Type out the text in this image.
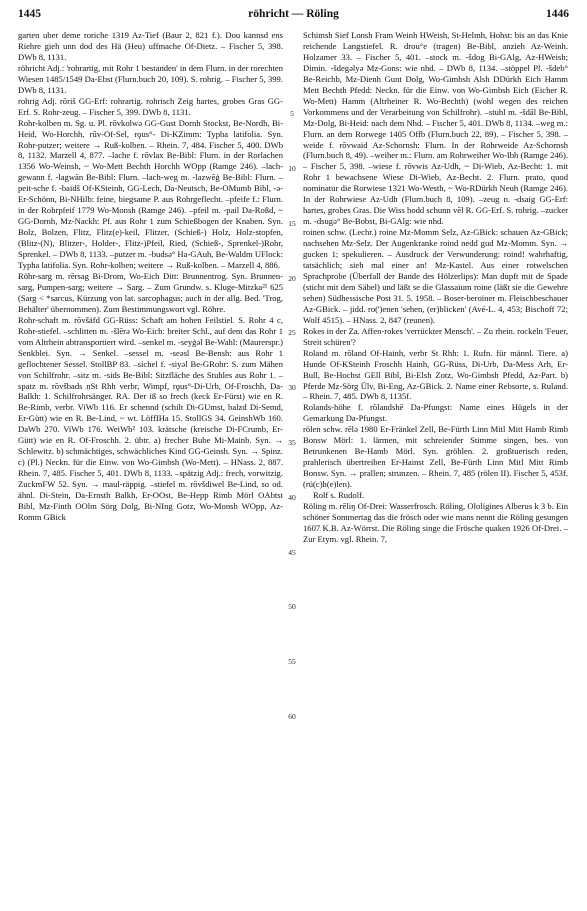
1445	röhricht — Röling	1446

garten uber deme roriche 1319 Az-Tief (Baur 2, 821 f.). Dou kannsd ens Riehre gieh unn dod des Hä (Heu) uffmache Of-Dietz. – Fischer 5, 398. DWb 8, 1131.

röhricht Adj.: 'rohrartig, mit Rohr 1 bestanden' in dem Flurn. in der rorechten Wiesen 1485/1549 Da-Ebst (Flurn.buch 20, 109). S. rohrig. – Fischer 5, 399. DWb 8, 1131.

rohrig Adj. rōriš GG-Erf: rohrartig. rohrisch Zeig hartes, grobes Gras GG-Erf. S. Rohr-zeug. – Fischer 5, 399. DWb 8, 1131.

Rohr-kolben m. Sg. u. Pl. rōvkolwə GG-Gust Dornh Stockst, Be-Nordh, Bi-Heid, Wo-Horchh, rūv-Of-Sel, rǫus°- Di-KZimm: Typha latifolia. Syn. Rohr-putzer; weitere → Ruß-kolben. – Rhein. 7, 484. Fischer 5, 400. DWb 8, 1132. Marzell 4, 877. –lache f. rōvlax Be-Bibl: Flurn. in der Rorlachen 1356 Wo-Weinsh, ~ Wo-Mett Bechth Horchh WOpp (Ramge 246). –lach-gewann f. -lagwān Be-Bibl: Flurn. –lach-weg m. -lazwēģ Be-Bibl: Flurn. –peit-sche f. -baidš Of-KSteinh, GG-Lech, Da-Neutsch, Be-OMumb Bibl, -ə- Er-Schönn, Bi-NHilb: feine, biegsame P. aus Rohrgeflecht. –pfeife f.: Flurn. in der Rohrpfeif 1779 Wo-Monsh (Ramge 246). –pfeil m. -pail Da-Roßd, ~ GG-Dornh, Mz-Nackh: Pf. aus Rohr 1 zum Schießbogen der Knaben. Syn. Bolz, Bolzen, Flitz, Flitz(e)-keil, Flitzer, (Schieß-) Holz, Holz-stopfen, (Blitz-(N), Blitzer-, Holder-, Flitz-)Pfeil, Ried, (Schieß-, Sprenkel-)Rohr, Sprenkel. – DWb 8, 1133. –putzer m. -budsə° Ha-GAuh, Be-Waldm UFlock: Typha latifolia. Syn. Rohr-kolben; weitere → Ruß-kolben. – Marzell 4, 886.

Röhr-sarg m. rērsag Bi-Drom, Wo-Eich Ditt: Brunnentrog. Syn. Brunnen-sarg, Pumpen-sarg; weitere → Sarg. – Zum Grundw. s. Kluge-Mitzka²¹ 625 (Sarg < *sarcus, Kürzung von lat. sarcophagus; auch in der allg. Bed. 'Trog, Behälter' übernommen). Zum Bestimmungswort vgl. Röhre.

Rohr-schaft m. rōvšäfd GG-Rüss: Schaft am hohen Feilstiel. S. Rohr 4 c, Rohr-stiefel. –schlitten m. -šlērə Wo-Eich: breiter Schl., auf dem das Rohr 1 vom Altrhein abtransportiert wird. –senkel m. -seyģəl Be-Wahl: (Maurerspr.) Senkblei. Syn. → Senkel. –sessel m. -seəsl Be-Bensh: aus Rohr 1 geflochtener Sessel. StollBP 83. –sichel f. -siyəl Be-GRohr: S. zum Mähen von Schilfrohr. –sitz m. -sids Be-Bibl: Sitzfläche des Stuhles aus Rohr 1. –spatz m. rōvšbads nSt Rhh verbr, Wimpf, rǫus°-Di-Urb, Of-Froschh, Da-Balkh: 1. Schilfrohrsänger. RA. Der iß so frech (keck Er-Fürst) wie en R. Be-Rimb, verbr. ViWb 116. Er schennd (schilt Di-GUmst, balzd Di-Semd, Er-Gütt) wie en R. Be-Lind, ~ wt. LöffIHa 15. StollGS 34. GeinshWb 160. DaWb 270. ViWb 176. WeiWb² 103. krätsche (kreische Di-FCrumb, Er-Gütt) wie en R. Of-Froschh. 2. übtr. a) frecher Bube Mi-Mainb. Syn. → Schlewitz. b) schmächtiges, schwächliches Kind GG-Geinsh. Syn. → Spinz. c) (Pl.) Neckn. für die Einw. von Wo-Gimbsh (Wo-Mett). – HNass. 2, 887. Rhein. 7, 485. Fischer 5, 401. DWb 8, 1133. –spätzig Adj.: frech, vorwitzig. ZuckmFW 52. Syn. → maul-räppig. –stiefel m. rōvšdiwel Be-Lind, so od. ähnl. Di-Stein, Da-Ernsth Balkh, Er-OOst, Be-Hepp Rimb Mörl OAbtst Bibl, Mz-Finth OOlm Sörg Dolg, Bi-NIng Gotz, Wo-Monsh WOpp, Az-Romm GBick

5
10
15
20
25
30
35
40
45
50
55
60

Schimsh Sief Lonsh Fram Weinh HWeish, St-Helmh, Hohst: bis an das Knie reichende Langstiefel. R. drou°e (tragen) Be-Bibl, anzieh Az-Weinh. Holzamer 33. – Fischer 5, 401. –stock m. -šdog Bi-GAlg, Az-HWeish; Dimin. -šdegəlyə Mz-Gons: wie nhd. – DWb 8, 1134. –stöppel Pl. -šdeb° Be-Reichb, Mz-Dienh Gunt Dolg, Wo-Gimbsh Alsh DDürkh Eich Hamm Mett Bechth Pfedd: Neckn. für die Einw. von Wo-Gimbsh Eich (Eicher R. Wo-Mett) Hamm (Altrheiner R. Wo-Bechth) (wohl wegen des reichen Vorkommens und der Verarbeitung von Schilfrohr). –stuhl m. -šdāl Be-Bibl, Mz-Dolg, Bi-Heid: nach dem Nhd. – Fischer 5, 401. DWb 8, 1134. –weg m.: Flurn. an dem Rorwege 1405 Offb (Flurn.buch 22, 89). – Fischer 5, 398. –weide f. rōvwaid Az-Schornsh: Flurn. In der Rohrweide Az-Schornsh (Flurn.buch 8, 49). –weiher m.: Flurn. am Rohrweiher Wo-Ibh (Ramge 246). – Fischer 5, 398. –wiese f. rōvwis Az-Udh, ~ Di-Wieb, Az-Becht: 1. mit Rohr 1 bewachsene Wiese Di-Wieb, Az-Becht. 2. Flurn. prato, quod nominatur die Rorwiese 1321 Wo-Westh, ~ Wo-RDürkh Neuh (Ramge 246). In der Rohrwiese Az-Udh (Flurn.buch 8, 109). –zeug n. -dsaig GG-Erf: hartes, grobes Gras. Die Wiss hodd schunn vēl R. GG-Erf. S. rohrig. –zucker m. -dsugə° Be-Bobst, Bi-GAlg: wie nhd.

roinen schw. (Lechr.) roine Mz-Momm Selz, Az-GBick: schauen Az-GBick; nachsehen Mz-Selz. Der Augenkranke roind nedd gud Mz-Momm. Syn. → gucken 1; spekulieren. – Ausdruck der Verwunderung: roind! wahrhaftig, tatsächlich; sieh mal einer an! Mz-Kastel. Aus einer rotwelschen Sprachprobe (Überfall der Bande des Hölzerlips): Man dupft mit de Spade (sticht mit dem Säbel) und läßt se die Glassaium roine (läßt sie die Gewehre sehen) Südhessische Post 31. 5. 1958. – Boser-beroiner m. Fleischbeschauer Az-GBick. – jidd. ro(')enen 'sehen, (er)blicken' (Avé-L. 4, 453; Bischoff 72; Wolf 4515). – HNass. 2, 847 (reunen).

Rokes in der Za. Affen-rokes 'verrückter Mensch'. – Zu rhein. rockeln 'Feuer, Streit schüren'?

Roland m. rōland Of-Hainh, verbr St Rhh: 1. Rufn. für männl. Tiere. a) Hunde Of-KSteinh Froschh Hainh, GG-Rüss, Di-Urb, Da-Mess Arh, Er-Bull, Be-Hochst GEll Bibl, Bi-Elsh Zotz, Wo-Gimbsh Pfedd, Az-Part. b) Pferde Mz-Sörg Ülv, Bi-Eng, Az-GBick. 2. Name einer Rebsorte, s. Ruland. – Rhein. 7, 485. DWb 8, 1135f.

Rolands-höhe f. rōlandshē Da-Pfungst: Name eines Hügels in der Gemarkung Da-Pfungst.

rölen schw. rēlə 1980 Er-Fränkel Zell, Be-Fürth Linn Mitl Mitt Hamb Rimb Bonsw Mörl: 1. lärmen, mit schreiender Stimme singen, bes. von Betrunkenen Be-Hamb Mörl. Syn. gröhlen. 2. großtuerisch reden, prahlerisch übertreiben Er-Hainst Zell, Be-Fürth Linn Mitl Mitt Rimb Bonsw. Syn. → prallen; strunzen. – Rhein. 7, 485 (rölen II). Fischer 5, 453f. (rü(c)h(e)len).

Rolf s. Rudolf.

Röling m. rēliŋ Of-Drei: Wasserfrosch. Röling, Ololigines Alberus k 3 b. Ein schöner Sommertag das die frösch oder wie mans nennt die Röling gesungen 1607 K.B. Az-Wörrst. Die Röling singe die Frösche quaken 1926 Of-Drei. – Zur Etym. vgl. Rhein. 7,
